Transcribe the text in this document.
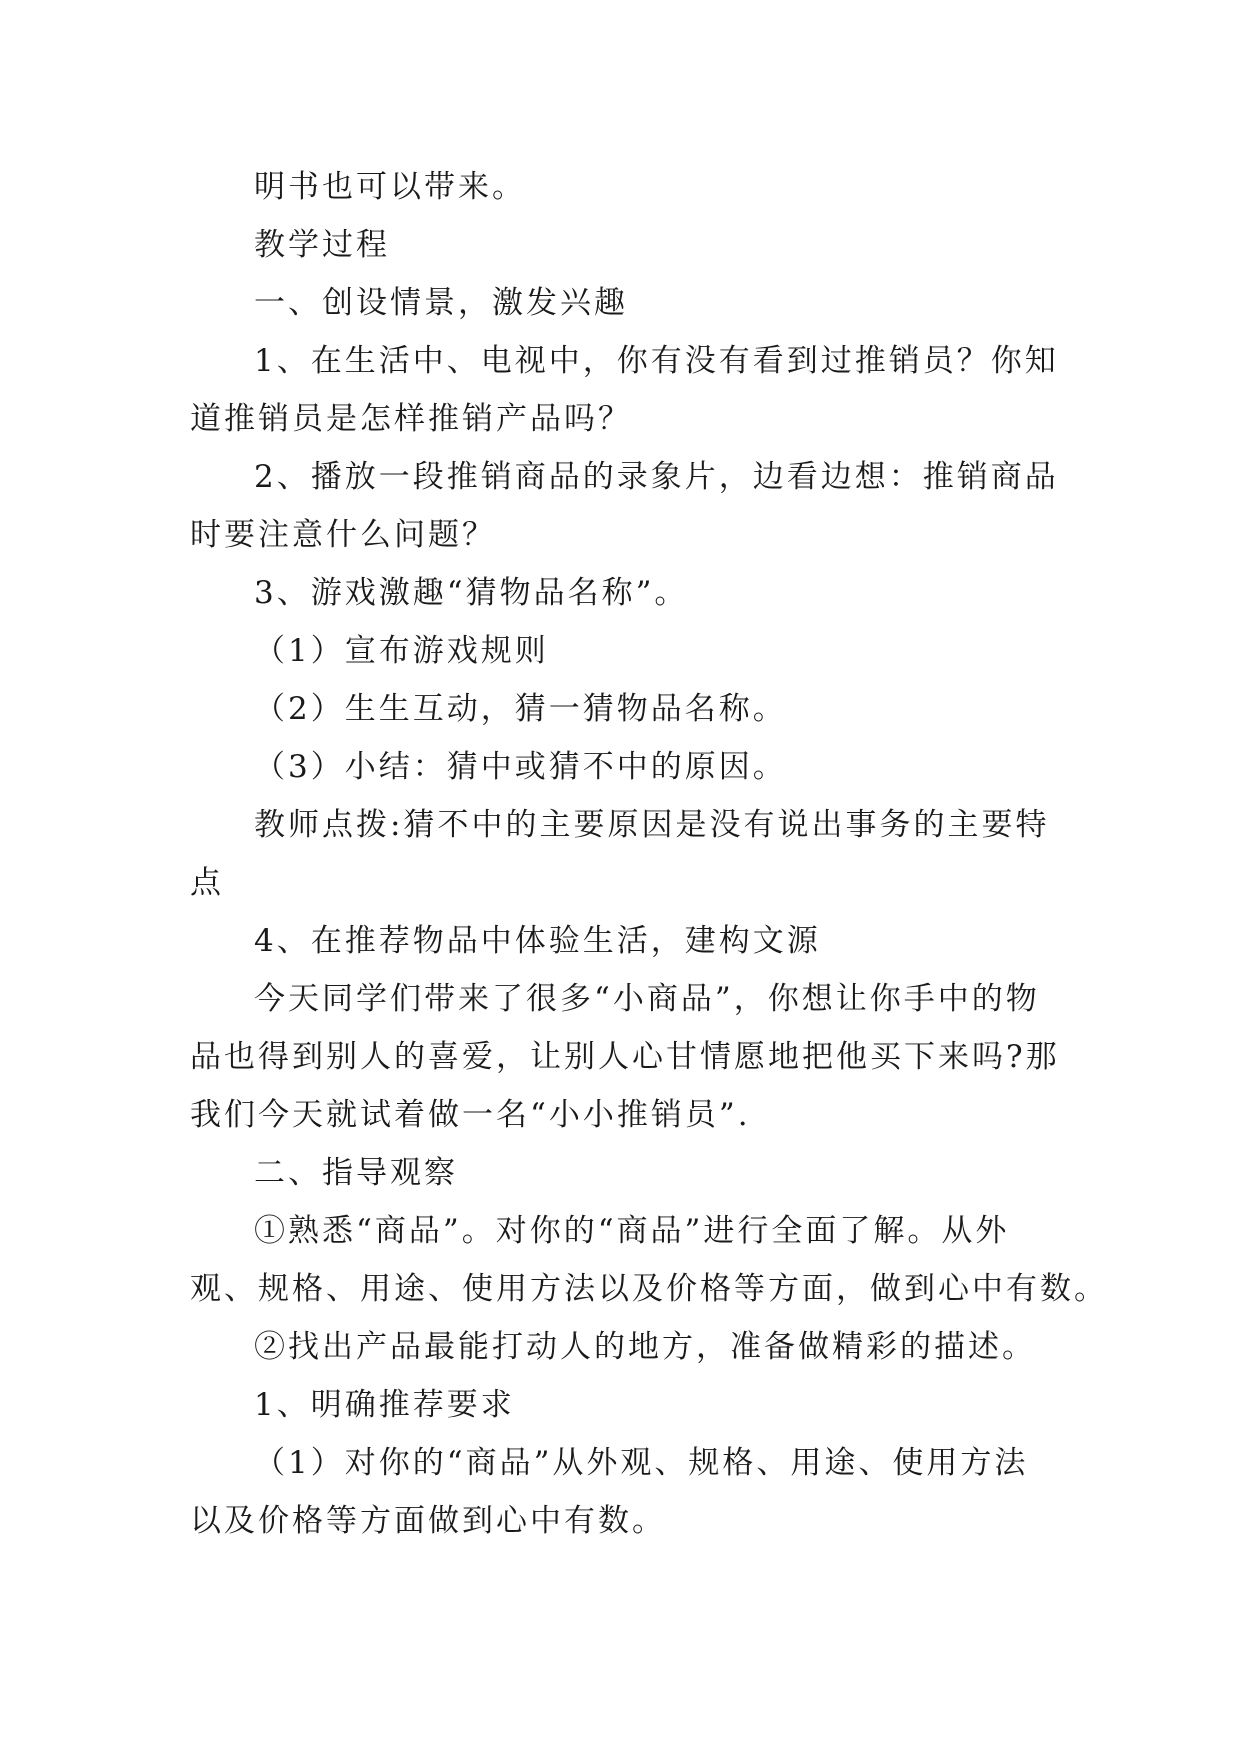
明书也可以带来。
教学过程
一、创设情景，激发兴趣
1、在生活中、电视中，你有没有看到过推销员？你知
道推销员是怎样推销产品吗？
2、播放一段推销商品的录象片，边看边想：推销商品
时要注意什么问题？
3、游戏激趣“猜物品名称”。
（1）宣布游戏规则
（2）生生互动，猜一猜物品名称。
（3）小结：猜中或猜不中的原因。
教师点拨:猜不中的主要原因是没有说出事务的主要特
点
4、在推荐物品中体验生活，建构文源
今天同学们带来了很多“小商品”，你想让你手中的物
品也得到别人的喜爱，让别人心甘情愿地把他买下来吗?那
我们今天就试着做一名“小小推销员”.
二、指导观察
①熟悉“商品”。对你的“商品”进行全面了解。从外
观、规格、用途、使用方法以及价格等方面，做到心中有数。
②找出产品最能打动人的地方，准备做精彩的描述。
1、明确推荐要求
（1）对你的“商品”从外观、规格、用途、使用方法
以及价格等方面做到心中有数。
